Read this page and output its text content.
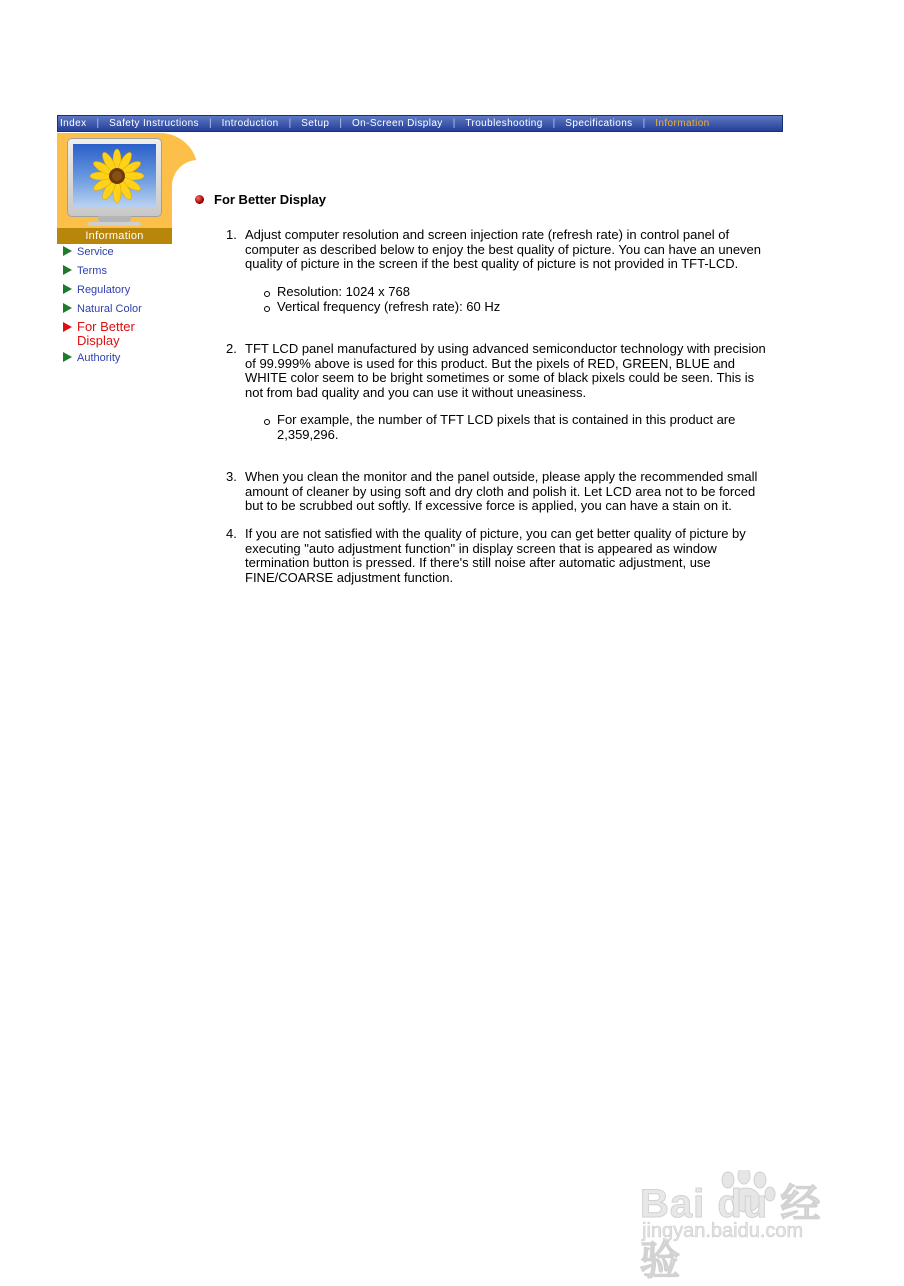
Index | Safety Instructions | Introduction | Setup | On-Screen Display | Troubleshooting | Specifications | Information
Information
Service
Terms
Regulatory
Natural Color
For Better Display
Authority
For Better Display
1. Adjust computer resolution and screen injection rate (refresh rate) in control panel of computer as described below to enjoy the best quality of picture. You can have an uneven quality of picture in the screen if the best quality of picture is not provided in TFT-LCD.
Resolution: 1024 x 768
Vertical frequency (refresh rate): 60 Hz
2. TFT LCD panel manufactured by using advanced semiconductor technology with precision of 99.999% above is used for this product. But the pixels of RED, GREEN, BLUE and WHITE color seem to be bright sometimes or some of black pixels could be seen. This is not from bad quality and you can use it without uneasiness.
For example, the number of TFT LCD pixels that is contained in this product are 2,359,296.
3. When you clean the monitor and the panel outside, please apply the recommended small amount of cleaner by using soft and dry cloth and polish it. Let LCD area not to be forced but to be scrubbed out softly. If excessive force is applied, you can have a stain on it.
4. If you are not satisfied with the quality of picture, you can get better quality of picture by executing "auto adjustment function" in display screen that is appeared as window termination button is pressed. If there's still noise after automatic adjustment, use FINE/COARSE adjustment function.
Bai du 经验
jingyan.baidu.com
